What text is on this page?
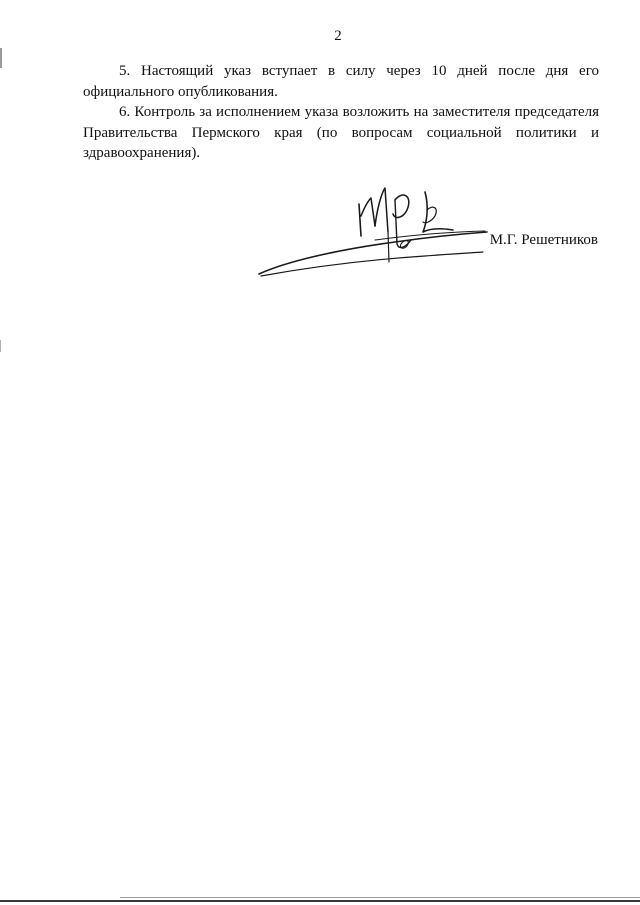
2

5. Настоящий указ вступает в силу через 10 дней после дня его официального опубликования.

6. Контроль за исполнением указа возложить на заместителя председателя Правительства Пермского края (по вопросам социальной политики и здравоохранения).

М.Г. Решетников
